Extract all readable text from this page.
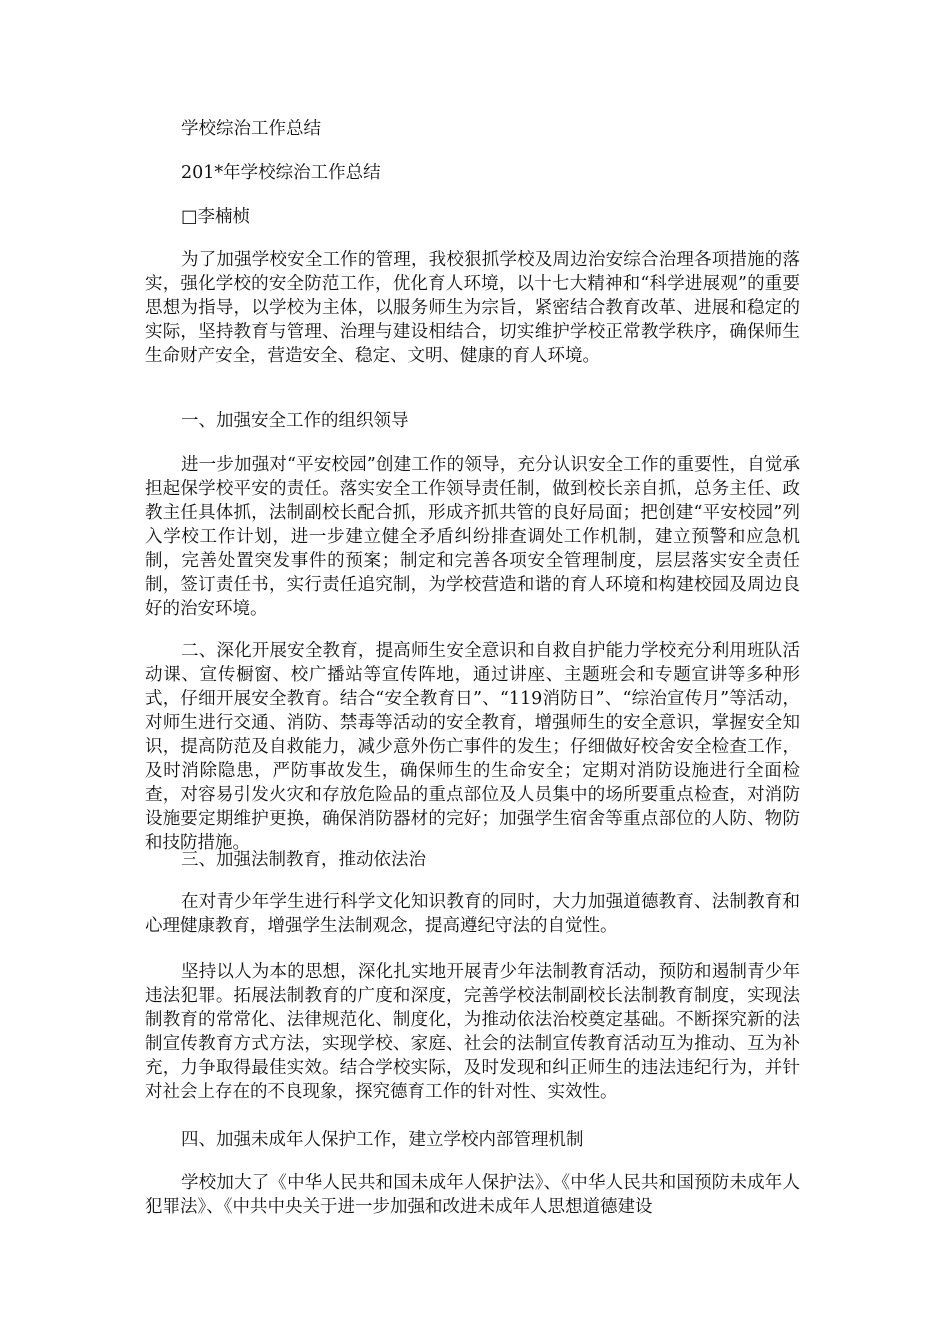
学校综治工作总结

201*年学校综治工作总结

□李楠桢

为了加强学校安全工作的管理，我校狠抓学校及周边治安综合治理各项措施的落实，强化学校的安全防范工作，优化育人环境，以十七大精神和“科学进展观”的重要思想为指导，以学校为主体，以服务师生为宗旨，紧密结合教育改革、进展和稳定的实际，坚持教育与管理、治理与建设相结合，切实维护学校正常教学秩序，确保师生生命财产安全，营造安全、稳定、文明、健康的育人环境。

一、加强安全工作的组织领导

进一步加强对“平安校园”创建工作的领导，充分认识安全工作的重要性，自觉承担起保学校平安的责任。落实安全工作领导责任制，做到校长亲自抓，总务主任、政教主任具体抓，法制副校长配合抓，形成齐抓共管的良好局面；把创建“平安校园”列入学校工作计划，进一步建立健全矛盾纠纷排查调处工作机制，建立预警和应急机制，完善处置突发事件的预案；制定和完善各项安全管理制度，层层落实安全责任制，签订责任书，实行责任追究制，为学校营造和谐的育人环境和构建校园及周边良好的治安环境。

二、深化开展安全教育，提高师生安全意识和自救自护能力学校充分利用班队活动课、宣传橱窗、校广播站等宣传阵地，通过讲座、主题班会和专题宣讲等多种形式，仔细开展安全教育。结合“安全教育日”、“119消防日”、“综治宣传月”等活动，对师生进行交通、消防、禁毒等活动的安全教育，增强师生的安全意识，掌握安全知识，提高防范及自救能力，减少意外伤亡事件的发生；仔细做好校舍安全检查工作，及时消除隐患，严防事故发生，确保师生的生命安全；定期对消防设施进行全面检查，对容易引发火灾和存放危险品的重点部位及人员集中的场所要重点检查，对消防设施要定期维护更换，确保消防器材的完好；加强学生宿舍等重点部位的人防、物防和技防措施。

三、加强法制教育，推动依法治

在对青少年学生进行科学文化知识教育的同时，大力加强道德教育、法制教育和心理健康教育，增强学生法制观念，提高遵纪守法的自觉性。

坚持以人为本的思想，深化扎实地开展青少年法制教育活动，预防和遏制青少年违法犯罪。拓展法制教育的广度和深度，完善学校法制副校长法制教育制度，实现法制教育的常常化、法律规范化、制度化，为推动依法治校奠定基础。不断探究新的法制宣传教育方式方法，实现学校、家庭、社会的法制宣传教育活动互为推动、互为补充，力争取得最佳实效。结合学校实际，及时发现和纠正师生的违法违纪行为，并针对社会上存在的不良现象，探究德育工作的针对性、实效性。

四、加强未成年人保护工作，建立学校内部管理机制

学校加大了《中华人民共和国未成年人保护法》、《中华人民共和国预防未成年人犯罪法》、《中共中央关于进一步加强和改进未成年人思想道德建设
